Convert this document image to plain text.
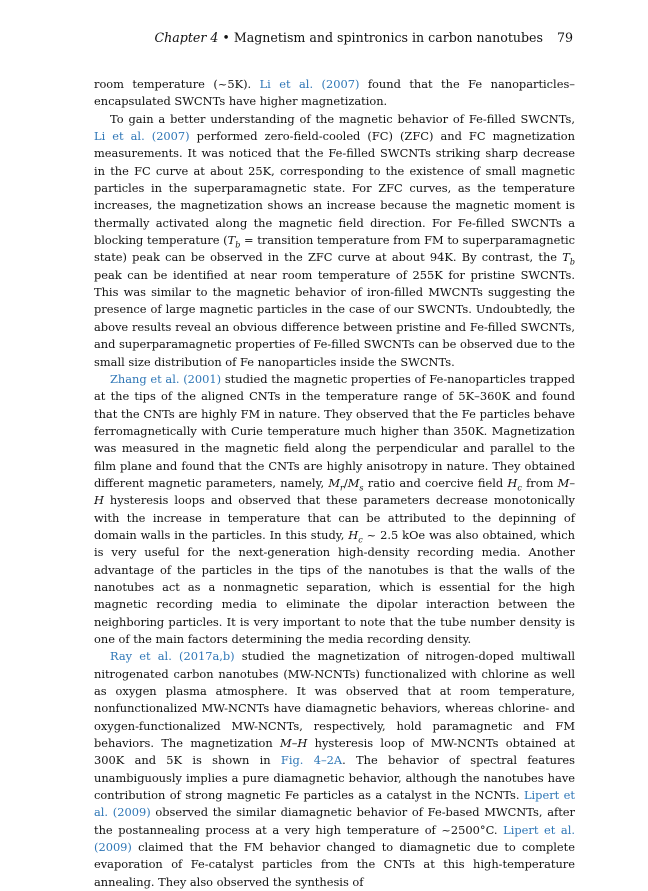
Chapter 4 • Magnetism and spintronics in carbon nanotubes 79

room temperature (~5K). Li et al. (2007) found that the Fe nanoparticles–encapsulated SWCNTs have higher magnetization.

To gain a better understanding of the magnetic behavior of Fe-filled SWCNTs, Li et al. (2007) performed zero-field-cooled (FC) (ZFC) and FC magnetization measurements. It was noticed that the Fe-filled SWCNTs striking sharp decrease in the FC curve at about 25K, corresponding to the existence of small magnetic particles in the superparamagnetic state. For ZFC curves, as the temperature increases, the magnetization shows an increase because the magnetic moment is thermally activated along the magnetic field direction. For Fe-filled SWCNTs a blocking temperature ($T_b$ = transition temperature from FM to superparamagnetic state) peak can be observed in the ZFC curve at about 94K. By contrast, the $T_b$ peak can be identified at near room temperature of 255K for pristine SWCNTs. This was similar to the magnetic behavior of iron-filled MWCNTs suggesting the presence of large magnetic particles in the case of our SWCNTs. Undoubtedly, the above results reveal an obvious difference between pristine and Fe-filled SWCNTs, and superparamagnetic properties of Fe-filled SWCNTs can be observed due to the small size distribution of Fe nanoparticles inside the SWCNTs.

Zhang et al. (2001) studied the magnetic properties of Fe-nanoparticles trapped at the tips of the aligned CNTs in the temperature range of 5K–360K and found that the CNTs are highly FM in nature. They observed that the Fe particles behave ferromagnetically with Curie temperature much higher than 350K. Magnetization was measured in the magnetic field along the perpendicular and parallel to the film plane and found that the CNTs are highly anisotropy in nature. They obtained different magnetic parameters, namely, $M_r/M_s$ ratio and coercive field $H_c$ from M–H hysteresis loops and observed that these parameters decrease monotonically with the increase in temperature that can be attributed to the depinning of domain walls in the particles. In this study, $H_c$ ~ 2.5 kOe was also obtained, which is very useful for the next-generation high-density recording media. Another advantage of the particles in the tips of the nanotubes is that the walls of the nanotubes act as a nonmagnetic separation, which is essential for the high magnetic recording media to eliminate the dipolar interaction between the neighboring particles. It is very important to note that the tube number density is one of the main factors determining the media recording density.

Ray et al. (2017a,b) studied the magnetization of nitrogen-doped multiwall nitrogenated carbon nanotubes (MW-NCNTs) functionalized with chlorine as well as oxygen plasma atmosphere. It was observed that at room temperature, nonfunctionalized MW-NCNTs have diamagnetic behaviors, whereas chlorine- and oxygen-functionalized MW-NCNTs, respectively, hold paramagnetic and FM behaviors. The magnetization M–H hysteresis loop of MW-NCNTs obtained at 300K and 5K is shown in Fig. 4–2A. The behavior of spectral features unambiguously implies a pure diamagnetic behavior, although the nanotubes have contribution of strong magnetic Fe particles as a catalyst in the NCNTs. Lipert et al. (2009) observed the similar diamagnetic behavior of Fe-based MWCNTs, after the postannealing process at a very high temperature of ~2500°C. Lipert et al. (2009) claimed that the FM behavior changed to diamagnetic due to complete evaporation of Fe-catalyst particles from the CNTs at this high-temperature annealing. They also observed the synthesis of
